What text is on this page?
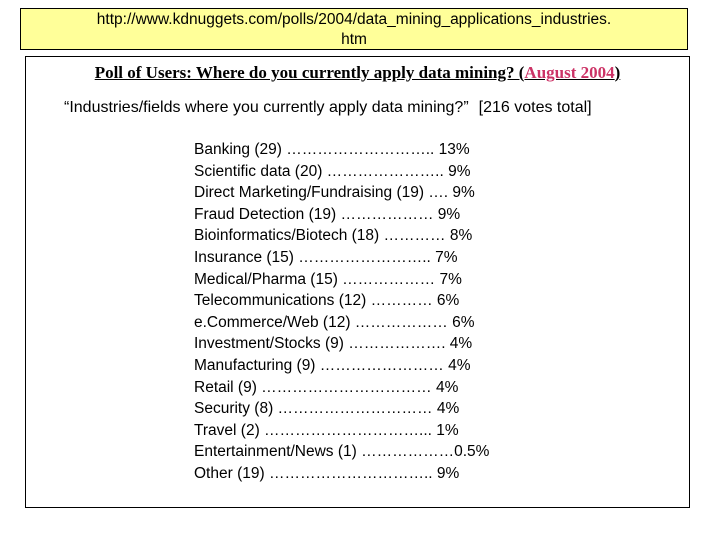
http://www.kdnuggets.com/polls/2004/data_mining_applications_industries.
htm
Poll of Users: Where do you currently apply data mining? (August 2004)
“Industries/fields where you currently apply data mining?” [216 votes total]
Banking (29) ……………………….. 13%
Scientific data (20) ………………….. 9%
Direct Marketing/Fundraising (19) …. 9%
Fraud Detection (19) ……………… 9%
Bioinformatics/Biotech (18) ………… 8%
Insurance (15) …………………….. 7%
Medical/Pharma (15) ……………… 7%
Telecommunications (12) ………… 6%
e.Commerce/Web (12) ……………… 6%
Investment/Stocks (9) ………………. 4%
Manufacturing (9) …………………… 4%
Retail (9) …………………………… 4%
Security (8) ………………………… 4%
Travel (2) …………………………... 1%
Entertainment/News (1) ………………0.5%
Other (19) ………………………….. 9%
